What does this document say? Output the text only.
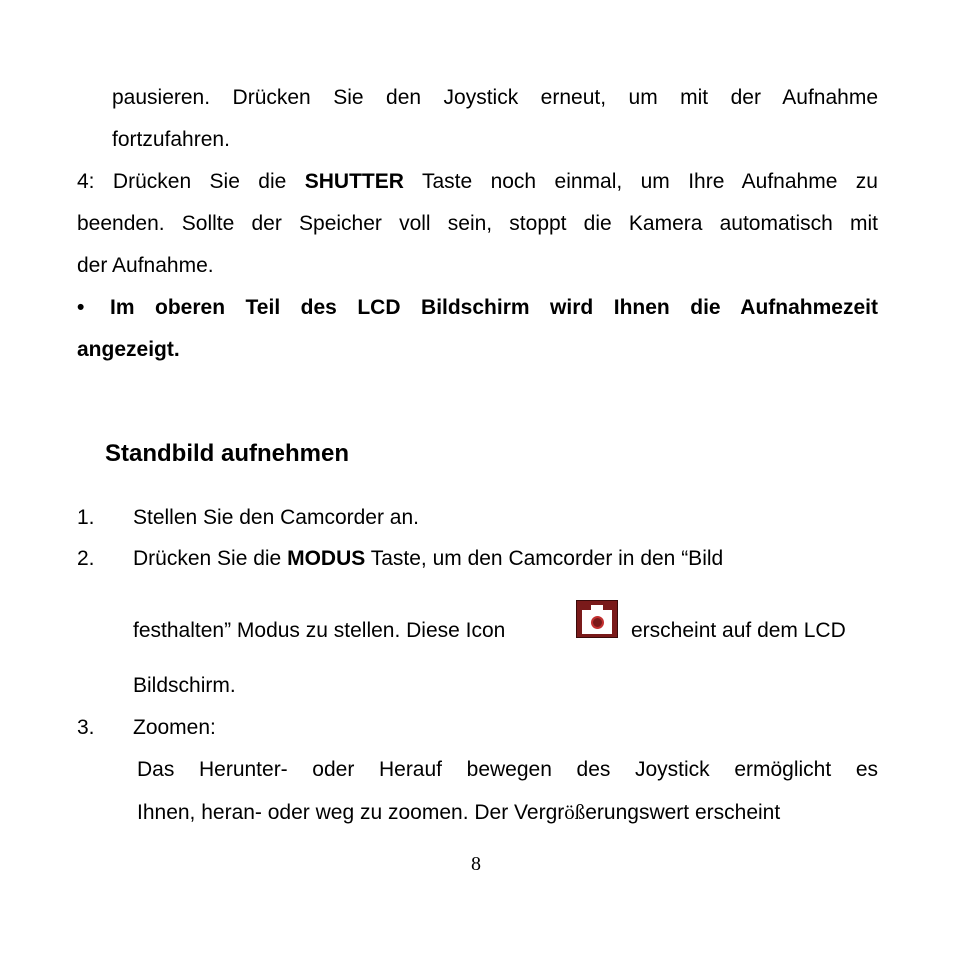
pausieren. Drücken Sie den Joystick erneut, um mit der Aufnahme
fortzufahren.
4: Drücken Sie die SHUTTER Taste noch einmal, um Ihre Aufnahme zu
beenden. Sollte der Speicher voll sein, stoppt die Kamera automatisch mit
der Aufnahme.
• Im oberen Teil des LCD Bildschirm wird Ihnen die Aufnahmezeit
angezeigt.
Standbild aufnehmen
1. Stellen Sie den Camcorder an.
2. Drücken Sie die MODUS Taste, um den Camcorder in den “Bild
festhalten” Modus zu stellen. Diese Icon	erscheint auf dem LCD
Bildschirm.
3. Zoomen:
Das Herunter- oder Herauf bewegen des Joystick ermöglicht es
Ihnen, heran- oder weg zu zoomen. Der Vergrößerungswert erscheint
8
